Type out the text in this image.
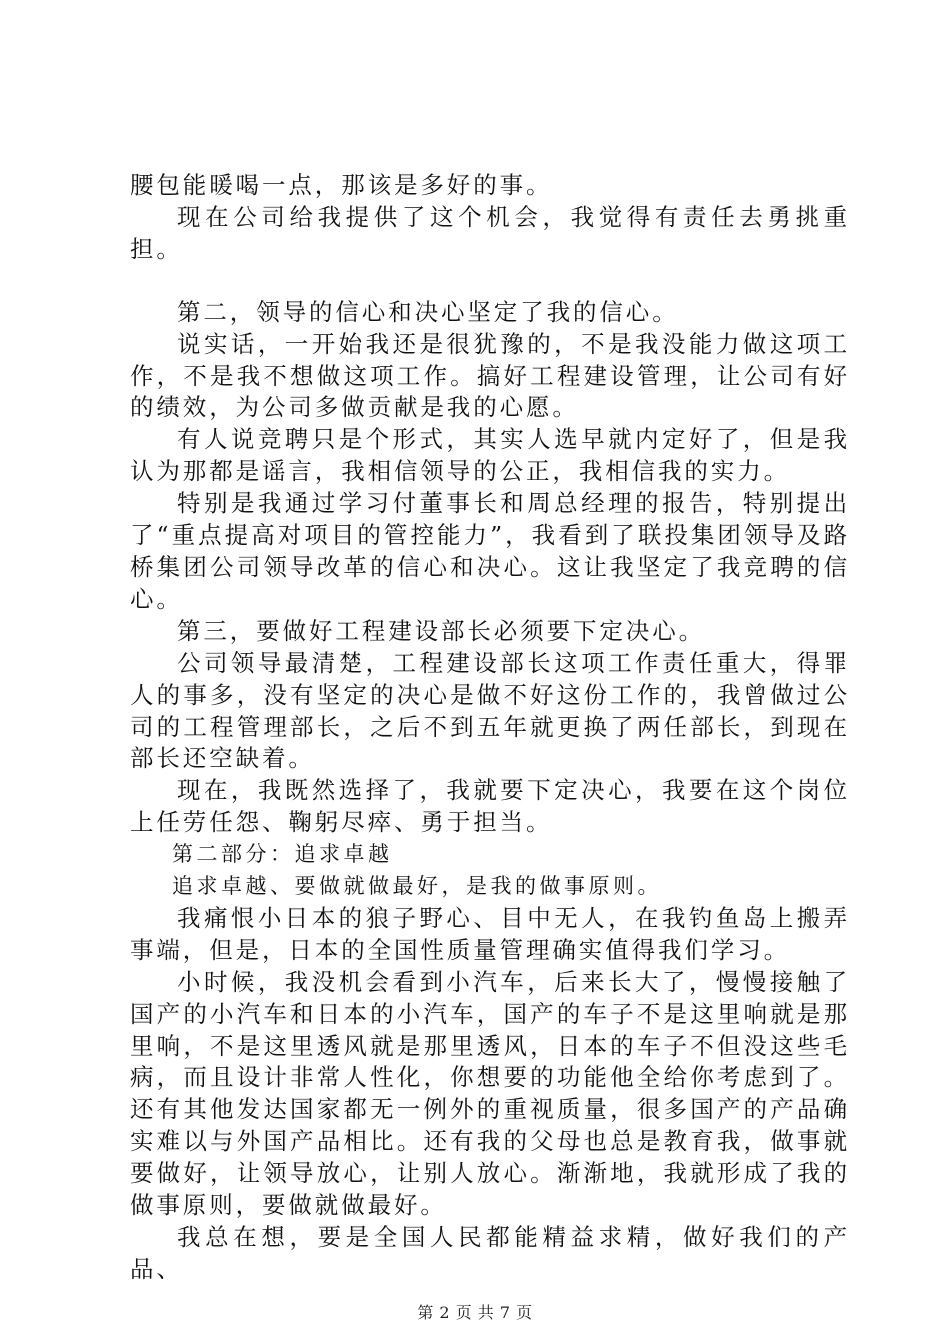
腰包能暖喝一点，那该是多好的事。

现在公司给我提供了这个机会，我觉得有责任去勇挑重担。

第二，领导的信心和决心坚定了我的信心。

说实话，一开始我还是很犹豫的，不是我没能力做这项工作，不是我不想做这项工作。搞好工程建设管理，让公司有好的绩效，为公司多做贡献是我的心愿。

有人说竞聘只是个形式，其实人选早就内定好了，但是我认为那都是谣言，我相信领导的公正，我相信我的实力。

特别是我通过学习付董事长和周总经理的报告，特别提出了“重点提高对项目的管控能力”，我看到了联投集团领导及路桥集团公司领导改革的信心和决心。这让我坚定了我竞聘的信心。

第三，要做好工程建设部长必须要下定决心。

公司领导最清楚，工程建设部长这项工作责任重大，得罪人的事多，没有坚定的决心是做不好这份工作的，我曾做过公司的工程管理部长，之后不到五年就更换了两任部长，到现在部长还空缺着。

现在，我既然选择了，我就要下定决心，我要在这个岗位上任劳任怨、鞠躬尽瘁、勇于担当。

第二部分：追求卓越

追求卓越、要做就做最好，是我的做事原则。

我痛恨小日本的狼子野心、目中无人，在我钓鱼岛上搬弄事端，但是，日本的全国性质量管理确实值得我们学习。

小时候，我没机会看到小汽车，后来长大了，慢慢接触了国产的小汽车和日本的小汽车，国产的车子不是这里响就是那里响，不是这里透风就是那里透风，日本的车子不但没这些毛病，而且设计非常人性化，你想要的功能他全给你考虑到了。还有其他发达国家都无一例外的重视质量，很多国产的产品确实难以与外国产品相比。还有我的父母也总是教育我，做事就要做好，让领导放心，让别人放心。渐渐地，我就形成了我的做事原则，要做就做最好。

我总在想，要是全国人民都能精益求精，做好我们的产品、

第 2 页 共 7 页
